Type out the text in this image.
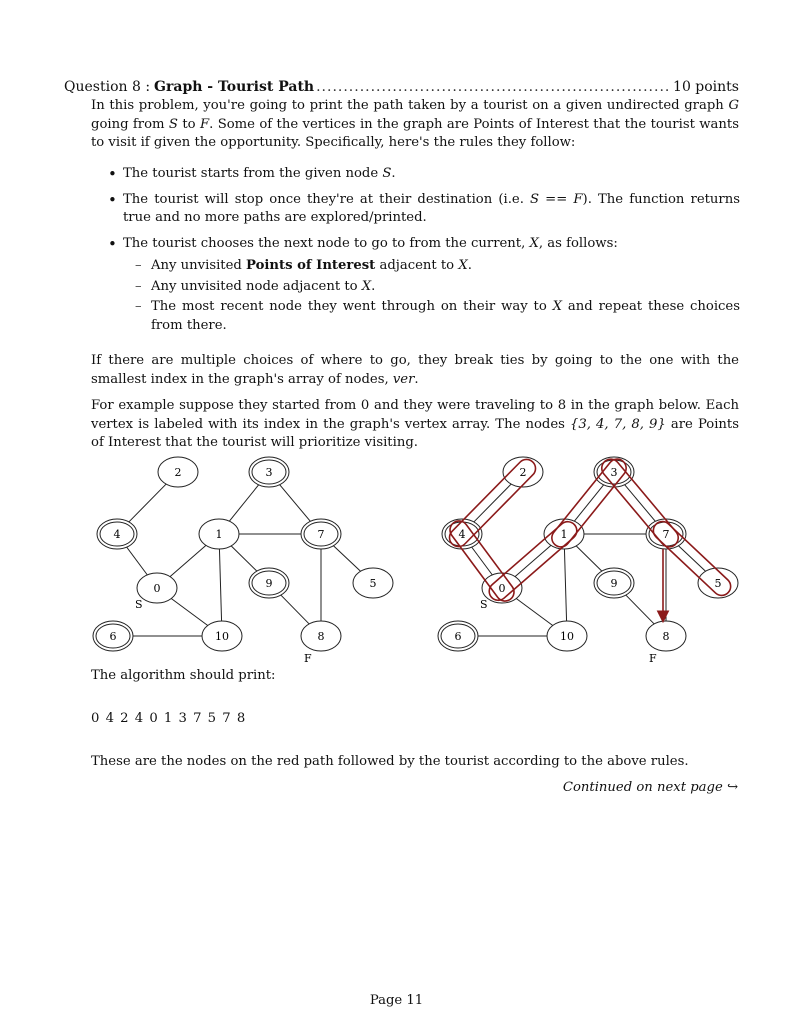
Question 8 : Graph - Tourist Path
.....	10 points
In this problem, you're going to print the path taken by a tourist on a given undirected graph G going from S to F. Some of the vertices in the graph are Points of Interest that the tourist wants to visit if given the opportunity. Specifically, here's the rules they follow:
• The tourist starts from the given node S.
• The tourist will stop once they're at their destination (i.e. S == F). The function returns true and no more paths are explored/printed.
• The tourist chooses the next node to go to from the current, X, as follows:
– Any unvisited Points of Interest adjacent to X.
– Any unvisited node adjacent to X.
– The most recent node they went through on their way to X and repeat these choices from there.
If there are multiple choices of where to go, they break ties by going to the one with the smallest index in the graph's array of nodes, ver.
For example suppose they started from 0 and they were traveling to 8 in the graph below. Each vertex is labeled with its index in the graph's vertex array. The nodes {3, 4, 7, 8, 9} are Points of Interest that the tourist will prioritize visiting.
0
1
2	3
4
5
6
7
8
9
10
S
F
0
1
2	3
4
5
6
7
8
9
10
S
F
The algorithm should print:
0 4 2 4 0 1 3 7 5 7 8
These are the nodes on the red path followed by the tourist according to the above rules.
Continued on next page ↪
Page 11
